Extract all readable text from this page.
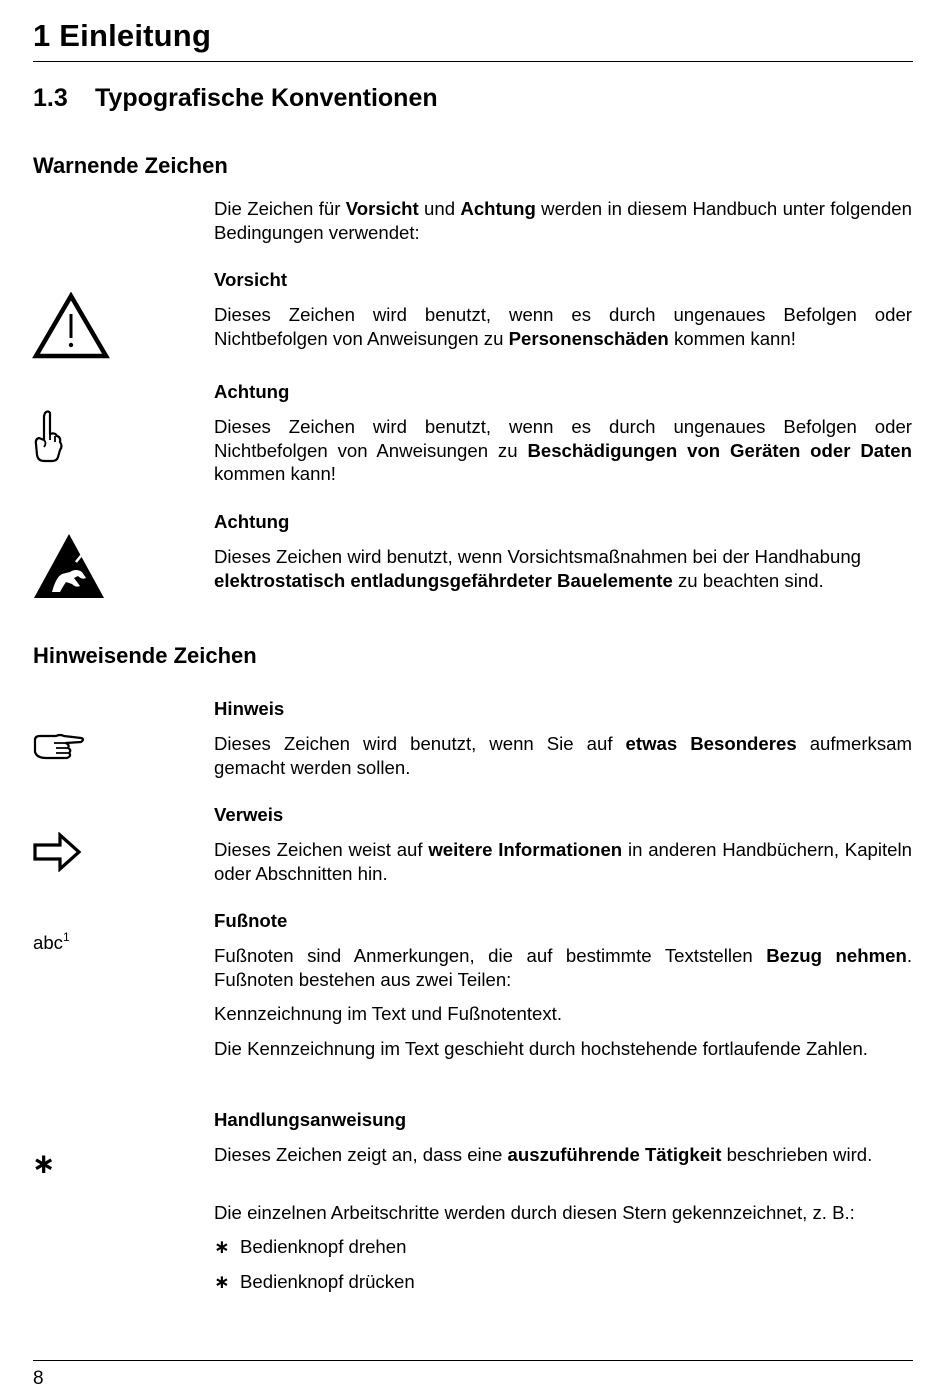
1 Einleitung
1.3 Typografische Konventionen
Warnende Zeichen
Die Zeichen für Vorsicht und Achtung werden in diesem Handbuch unter folgenden Bedingungen verwendet:
Vorsicht
Dieses Zeichen wird benutzt, wenn es durch ungenaues Befolgen oder Nichtbefolgen von Anweisungen zu Personenschäden kommen kann!
Achtung
Dieses Zeichen wird benutzt, wenn es durch ungenaues Befolgen oder Nichtbefolgen von Anweisungen zu Beschädigungen von Geräten oder Daten kommen kann!
Achtung
Dieses Zeichen wird benutzt, wenn Vorsichtsmaßnahmen bei der Handhabung elektrostatisch entladungsgefährdeter Bauelemente zu beachten sind.
Hinweisende Zeichen
Hinweis
Dieses Zeichen wird benutzt, wenn Sie auf etwas Besonderes aufmerksam gemacht werden sollen.
Verweis
Dieses Zeichen weist auf weitere Informationen in anderen Handbüchern, Kapiteln oder Abschnitten hin.
Fußnote
abc$^1$
Fußnoten sind Anmerkungen, die auf bestimmte Textstellen Bezug nehmen. Fußnoten bestehen aus zwei Teilen:
Kennzeichnung im Text und Fußnotentext.
Die Kennzeichnung im Text geschieht durch hochstehende fortlaufende Zahlen.
Handlungsanweisung
∗	Dieses Zeichen zeigt an, dass eine auszuführende Tätigkeit beschrieben wird.
Die einzelnen Arbeitschritte werden durch diesen Stern gekennzeichnet, z. B.:
∗ Bedienknopf drehen
∗ Bedienknopf drücken
8
